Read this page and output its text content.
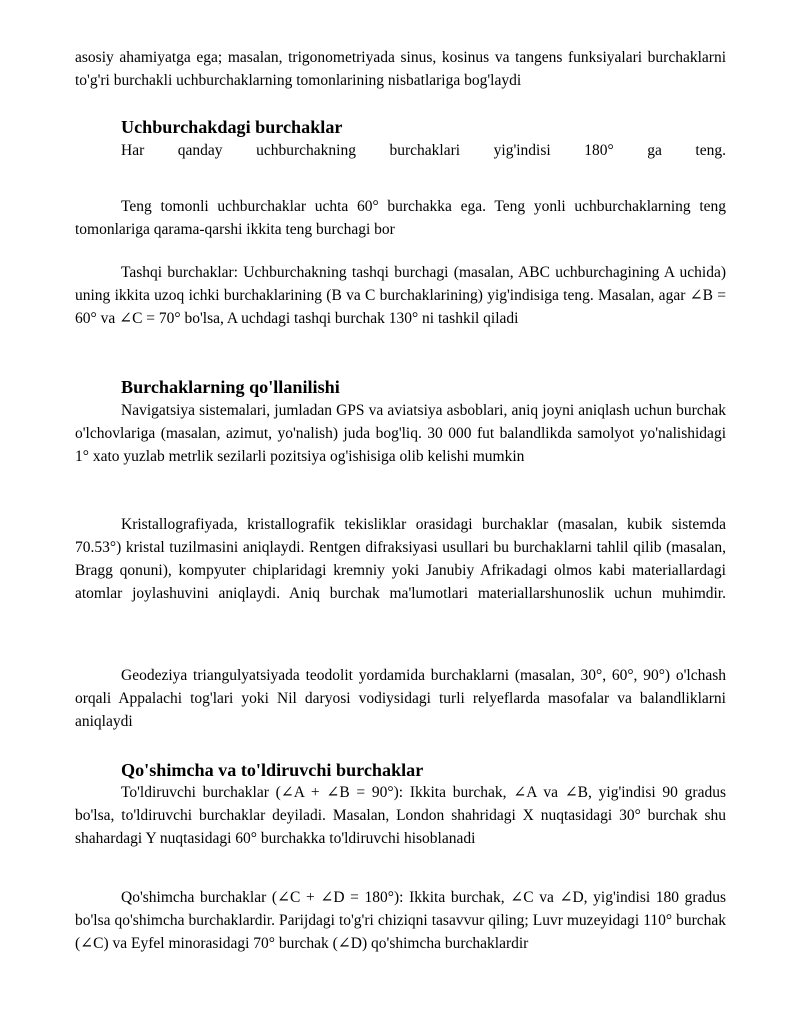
asosiy ahamiyatga ega; masalan, trigonometriyada sinus, kosinus va tangens funksiyalari burchaklarni to'g'ri burchakli uchburchaklarning tomonlarining nisbatlariga bog'laydi

Uchburchakdagi burchaklar

Har qanday uchburchakning burchaklari yig'indisi 180° ga teng.

Teng tomonli uchburchaklar uchta 60° burchakka ega. Teng yonli uchburchaklarning teng tomonlariga qarama-qarshi ikkita teng burchagi bor

Tashqi burchaklar: Uchburchakning tashqi burchagi (masalan, ABC uchburchagining A uchida) uning ikkita uzoq ichki burchaklarining (B va C burchaklarining) yig'indisiga teng. Masalan, agar ∠B = 60° va ∠C = 70° bo'lsa, A uchdagi tashqi burchak 130° ni tashkil qiladi

Burchaklarning qo'llanilishi

Navigatsiya sistemalari, jumladan GPS va aviatsiya asboblari, aniq joyni aniqlash uchun burchak o'lchovlariga (masalan, azimut, yo'nalish) juda bog'liq. 30 000 fut balandlikda samolyot yo'nalishidagi 1° xato yuzlab metrlik sezilarli pozitsiya og'ishisiga olib kelishi mumkin

Kristallografiyada, kristallografik tekisliklar orasidagi burchaklar (masalan, kubik sistemda 70.53°) kristal tuzilmasini aniqlaydi. Rentgen difraksiyasi usullari bu burchaklarni tahlil qilib (masalan, Bragg qonuni), kompyuter chiplaridagi kremniy yoki Janubiy Afrikadagi olmos kabi materiallardagi atomlar joylashuvini aniqlaydi. Aniq burchak ma'lumotlari materiallarshunoslik uchun muhimdir.

Geodeziya triangulyatsiyada teodolit yordamida burchaklarni (masalan, 30°, 60°, 90°) o'lchash orqali Appalachi tog'lari yoki Nil daryosi vodiysidagi turli relyeflarda masofalar va balandliklarni aniqlaydi

Qo'shimcha va to'ldiruvchi burchaklar

To'ldiruvchi burchaklar (∠A + ∠B = 90°): Ikkita burchak, ∠A va ∠B, yig'indisi 90 gradus bo'lsa, to'ldiruvchi burchaklar deyiladi. Masalan, London shahridagi X nuqtasidagi 30° burchak shu shahardagi Y nuqtasidagi 60° burchakka to'ldiruvchi hisoblanadi

Qo'shimcha burchaklar (∠C + ∠D = 180°): Ikkita burchak, ∠C va ∠D, yig'indisi 180 gradus bo'lsa qo'shimcha burchaklardir. Parijdagi to'g'ri chiziqni tasavvur qiling; Luvr muzeyidagi 110° burchak (∠C) va Eyfel minorasidagi 70° burchak (∠D) qo'shimcha burchaklardir
